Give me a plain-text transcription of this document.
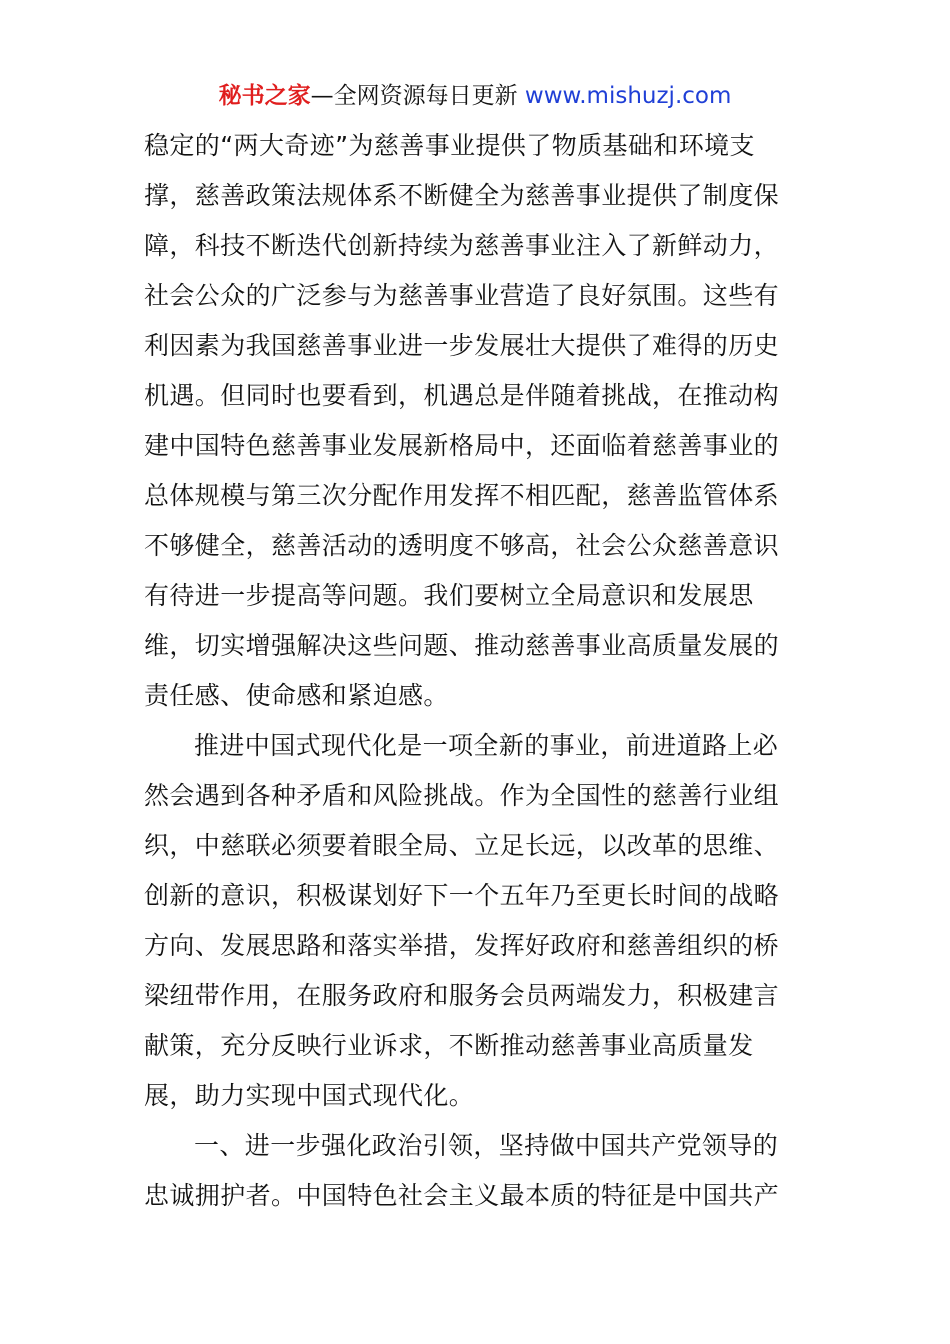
秘书之家—全网资源每日更新 www.mishuzj.com
稳定的“两大奇迹”为慈善事业提供了物质基础和环境支
撑，慈善政策法规体系不断健全为慈善事业提供了制度保
障，科技不断迭代创新持续为慈善事业注入了新鲜动力，
社会公众的广泛参与为慈善事业营造了良好氛围。这些有
利因素为我国慈善事业进一步发展壮大提供了难得的历史
机遇。但同时也要看到，机遇总是伴随着挑战，在推动构
建中国特色慈善事业发展新格局中，还面临着慈善事业的
总体规模与第三次分配作用发挥不相匹配，慈善监管体系
不够健全，慈善活动的透明度不够高，社会公众慈善意识
有待进一步提高等问题。我们要树立全局意识和发展思
维，切实增强解决这些问题、推动慈善事业高质量发展的
责任感、使命感和紧迫感。
推进中国式现代化是一项全新的事业，前进道路上必
然会遇到各种矛盾和风险挑战。作为全国性的慈善行业组
织，中慈联必须要着眼全局、立足长远，以改革的思维、
创新的意识，积极谋划好下一个五年乃至更长时间的战略
方向、发展思路和落实举措，发挥好政府和慈善组织的桥
梁纽带作用，在服务政府和服务会员两端发力，积极建言
献策，充分反映行业诉求，不断推动慈善事业高质量发
展，助力实现中国式现代化。
一、进一步强化政治引领，坚持做中国共产党领导的
忠诚拥护者。中国特色社会主义最本质的特征是中国共产
